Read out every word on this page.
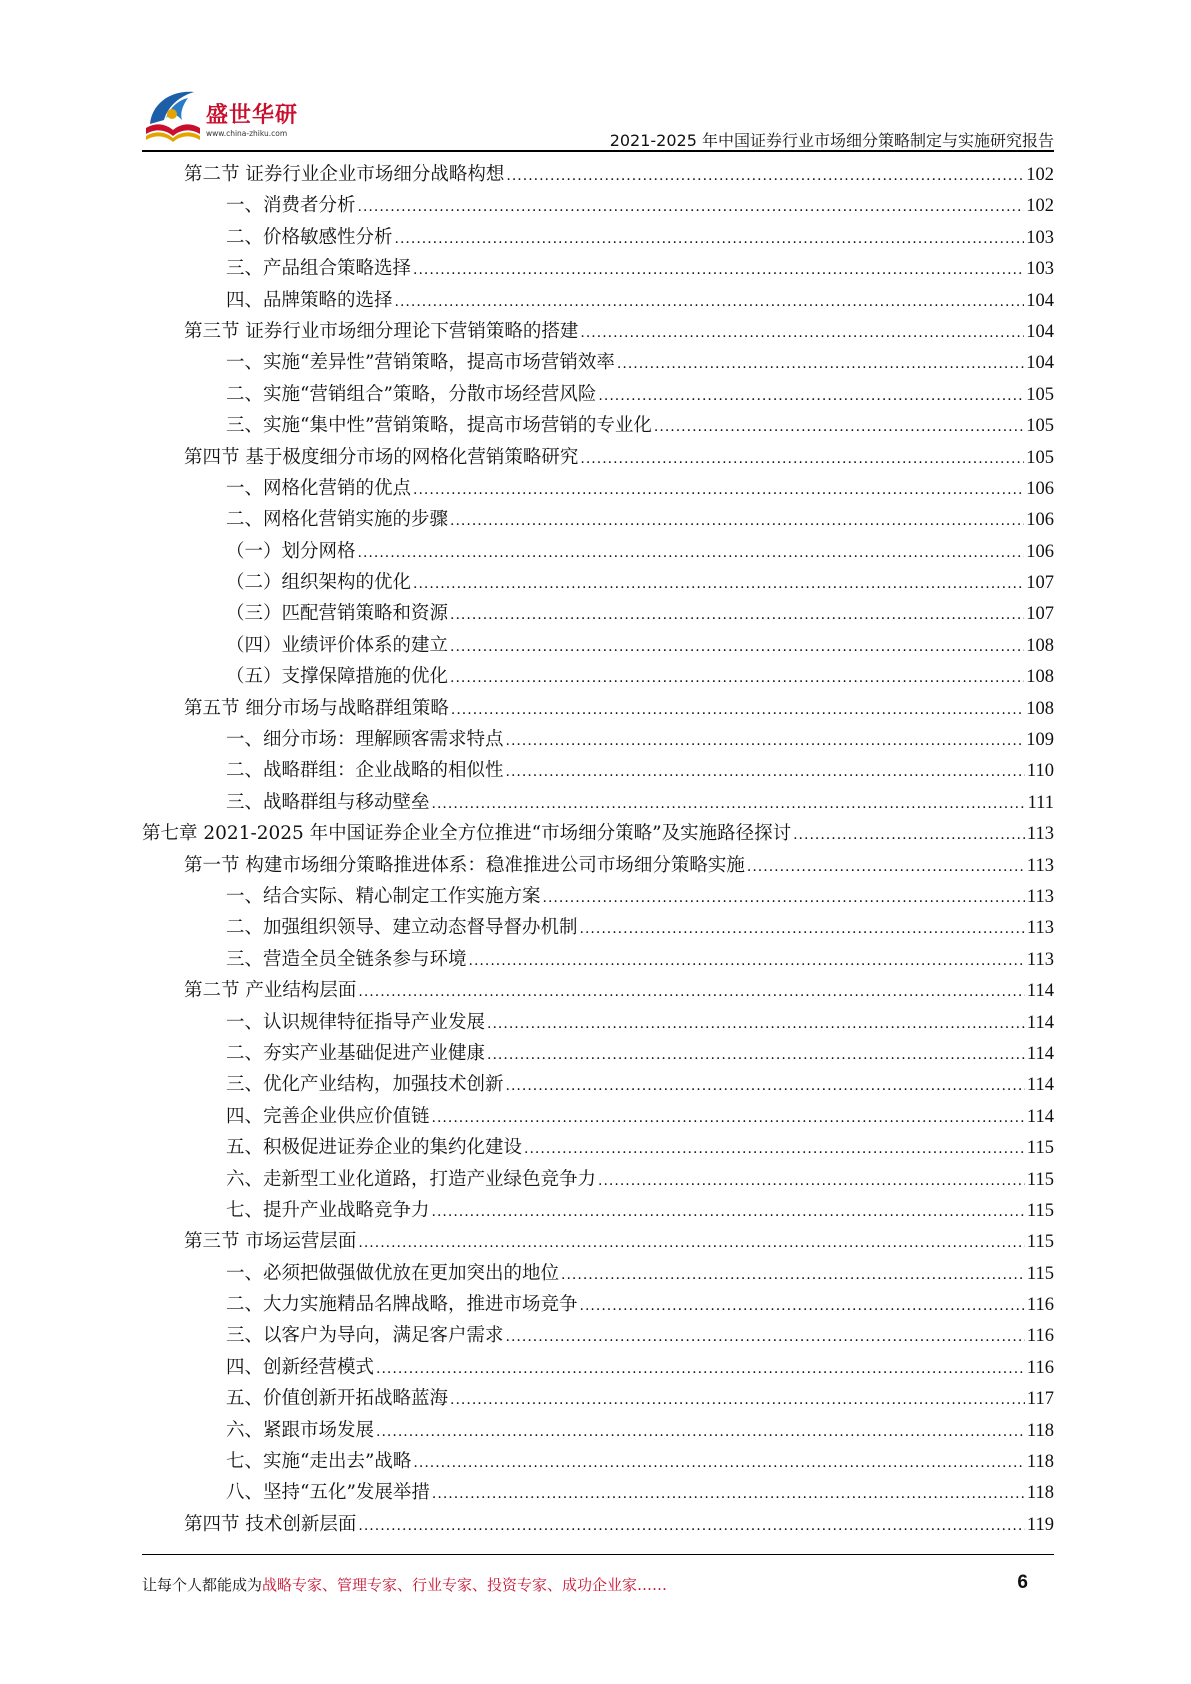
盛世华研
www.china-zhiku.com	2021-2025 年中国证券行业市场细分策略制定与实施研究报告
第二节 证券行业企业市场细分战略构想 .....	102
一、消费者分析 .....	102
二、价格敏感性分析 .....	103
三、产品组合策略选择 .....	103
四、品牌策略的选择 .....	104
第三节 证券行业市场细分理论下营销策略的搭建 .....	104
一、实施“差异性”营销策略，提高市场营销效率 .....	104
二、实施“营销组合”策略，分散市场经营风险 .....	105
三、实施“集中性”营销策略，提高市场营销的专业化 .....	105
第四节 基于极度细分市场的网格化营销策略研究 .....	105
一、网格化营销的优点 .....	106
二、网格化营销实施的步骤 .....	106
（一）划分网格 .....	106
（二）组织架构的优化 .....	107
（三）匹配营销策略和资源 .....	107
（四）业绩评价体系的建立 .....	108
（五）支撑保障措施的优化 .....	108
第五节 细分市场与战略群组策略 .....	108
一、细分市场：理解顾客需求特点 .....	109
二、战略群组：企业战略的相似性 .....	110
三、战略群组与移动壁垒 .....	111
第七章 2021-2025 年中国证券企业全方位推进“市场细分策略”及实施路径探讨 .....	113
第一节 构建市场细分策略推进体系：稳准推进公司市场细分策略实施 .....	113
一、结合实际、精心制定工作实施方案 .....	113
二、加强组织领导、建立动态督导督办机制 .....	113
三、营造全员全链条参与环境 .....	113
第二节 产业结构层面 .....	114
一、认识规律特征指导产业发展 .....	114
二、夯实产业基础促进产业健康 .....	114
三、优化产业结构，加强技术创新 .....	114
四、完善企业供应价值链 .....	114
五、积极促进证券企业的集约化建设 .....	115
六、走新型工业化道路，打造产业绿色竞争力 .....	115
七、提升产业战略竞争力 .....	115
第三节 市场运营层面 .....	115
一、必须把做强做优放在更加突出的地位 .....	115
二、大力实施精品名牌战略，推进市场竞争 .....	116
三、以客户为导向，满足客户需求 .....	116
四、创新经营模式 .....	116
五、价值创新开拓战略蓝海 .....	117
六、紧跟市场发展 .....	118
七、实施“走出去”战略 .....	118
八、坚持“五化”发展举措 .....	118
第四节 技术创新层面 .....	119
让每个人都能成为战略专家、管理专家、行业专家、投资专家、成功企业家……	6
